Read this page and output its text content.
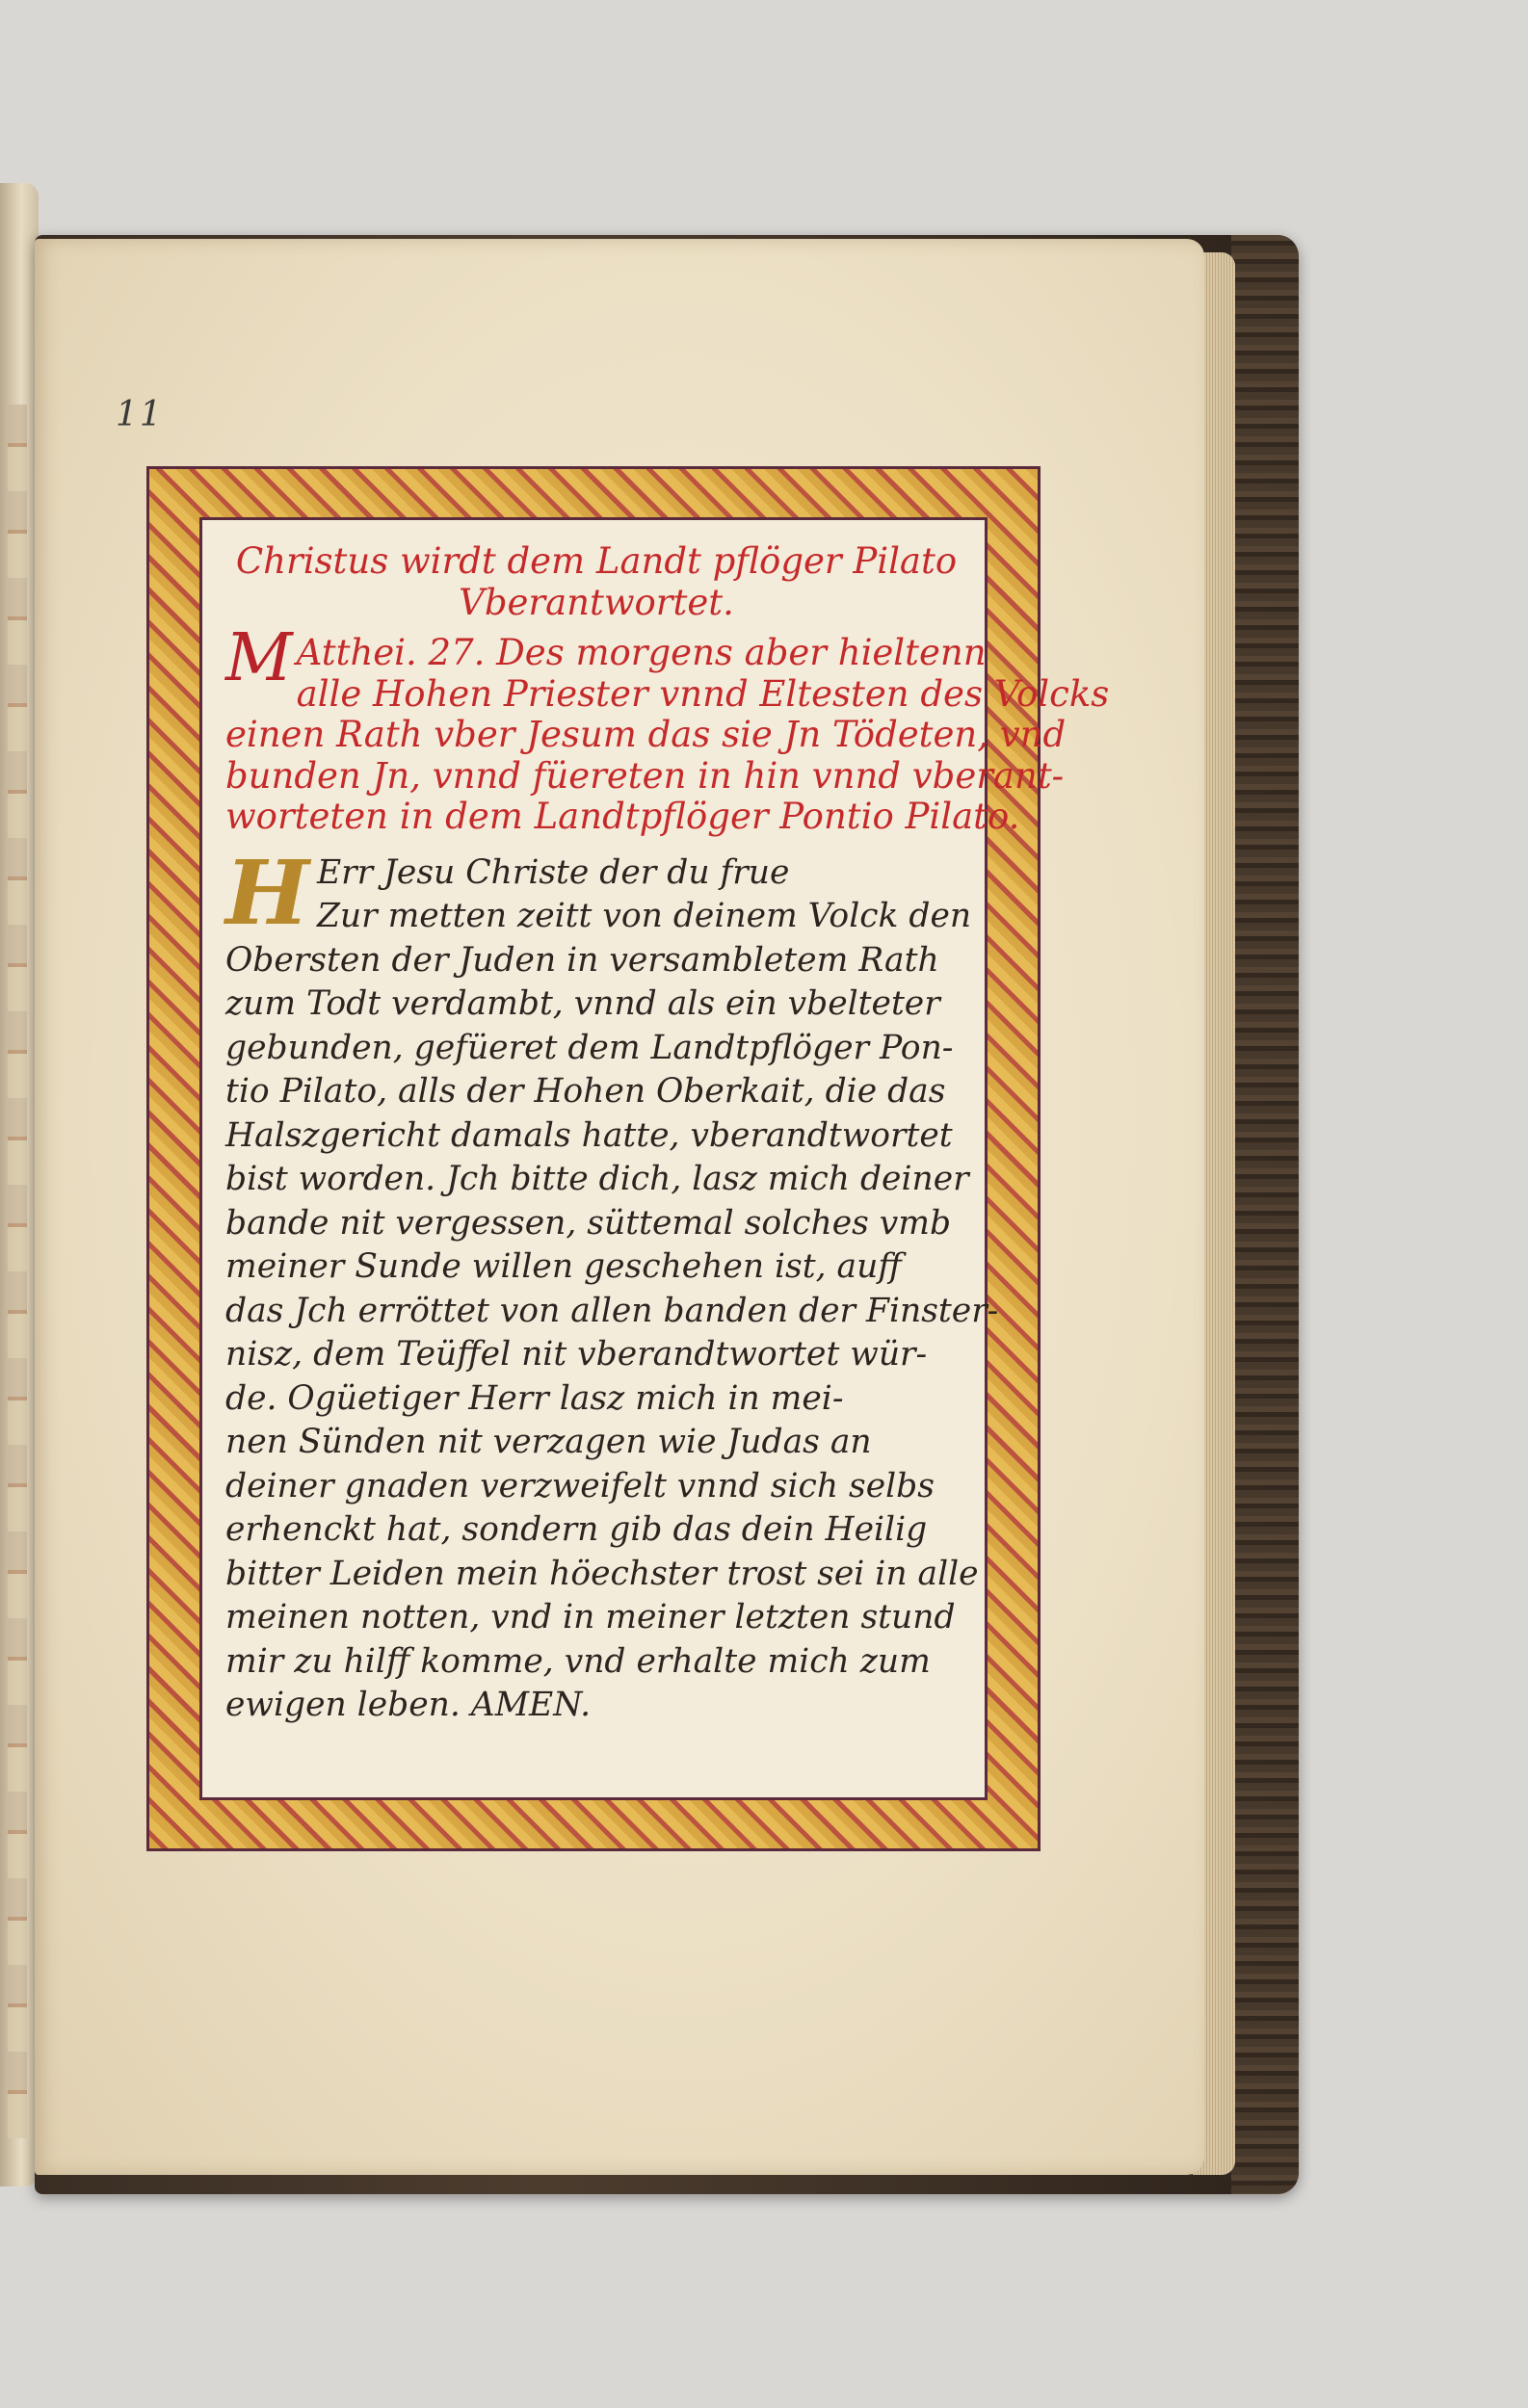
11
Christus wirdt dem Landt pflöger Pilato
Vberantwortet.
M Atthei. 27. Des morgens aber hieltenn
alle Hohen Priester vnnd Eltesten des Volcks
einen Rath vber Jesum das sie Jn Tödeten, vnd
bunden Jn, vnnd füereten in hin vnnd vberant-
worteten in dem Landtpflöger Pontio Pilato.
H Err Jesu Christe der du frue
Zur metten zeitt von deinem Volck den
Obersten der Juden in versambletem Rath
zum Todt verdambt, vnnd als ein vbelteter
gebunden, gefüeret dem Landtpflöger Pon-
tio Pilato, alls der Hohen Oberkait, die das
Halszgericht damals hatte, vberandtwortet
bist worden. Jch bitte dich, lasz mich deiner
bande nit vergessen, süttemal solches vmb
meiner Sunde willen geschehen ist, auff
das Jch erröttet von allen banden der Finster-
nisz, dem Teüffel nit vberandtwortet wür-
de. Ogüetiger Herr lasz mich in mei-
nen Sünden nit verzagen wie Judas an
deiner gnaden verzweifelt vnnd sich selbs
erhenckt hat, sondern gib das dein Heilig
bitter Leiden mein höechster trost sei in alle
meinen notten, vnd in meiner letzten stund
mir zu hilff komme, vnd erhalte mich zum
ewigen leben. AMEN.
